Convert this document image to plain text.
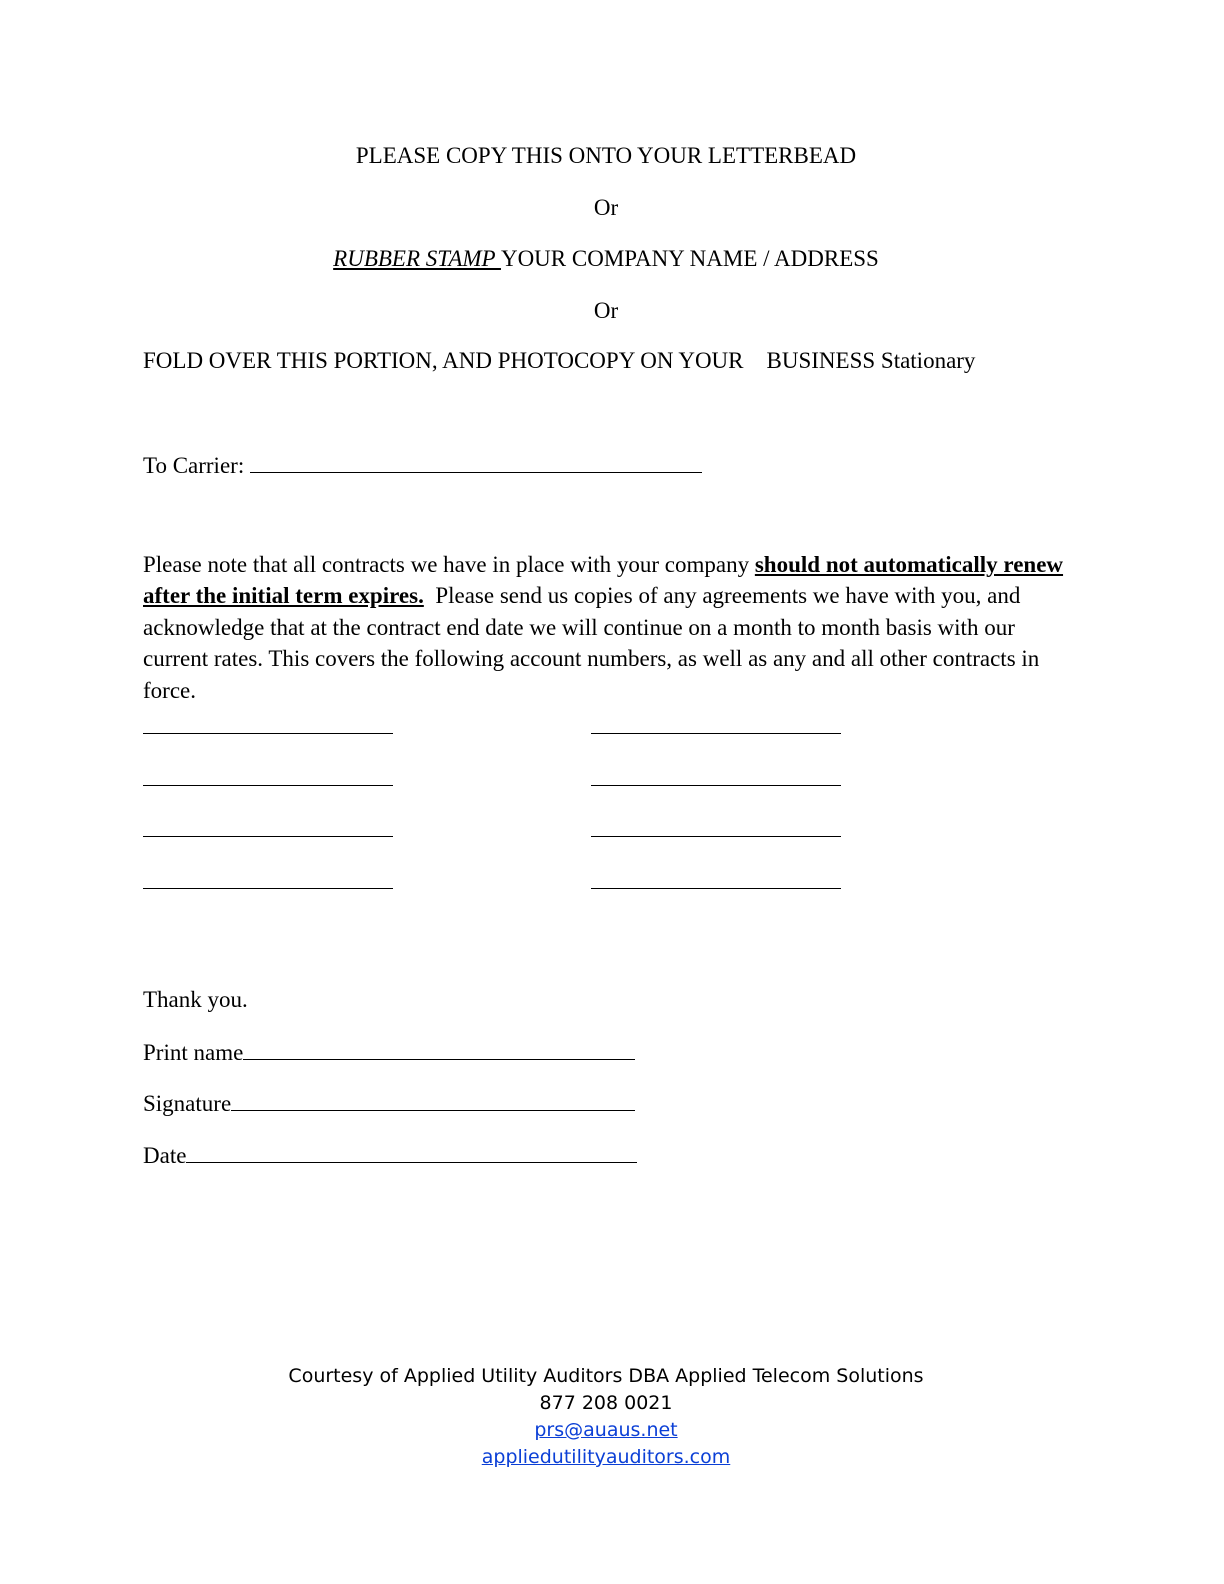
PLEASE COPY THIS ONTO YOUR LETTERBEAD
Or
RUBBER STAMP YOUR COMPANY NAME / ADDRESS
Or
FOLD OVER THIS PORTION, AND PHOTOCOPY ON YOUR    BUSINESS Stationary
To Carrier:
Please note that all contracts we have in place with your company should not automatically renew after the initial term expires.  Please send us copies of any agreements we have with you, and acknowledge that at the contract end date we will continue on a month to month basis with our current rates. This covers the following account numbers, as well as any and all other contracts in force.
Thank you.
Print name
Signature
Date
Courtesy of Applied Utility Auditors DBA Applied Telecom Solutions
877 208 0021
prs@auaus.net
appliedutilityauditors.com
